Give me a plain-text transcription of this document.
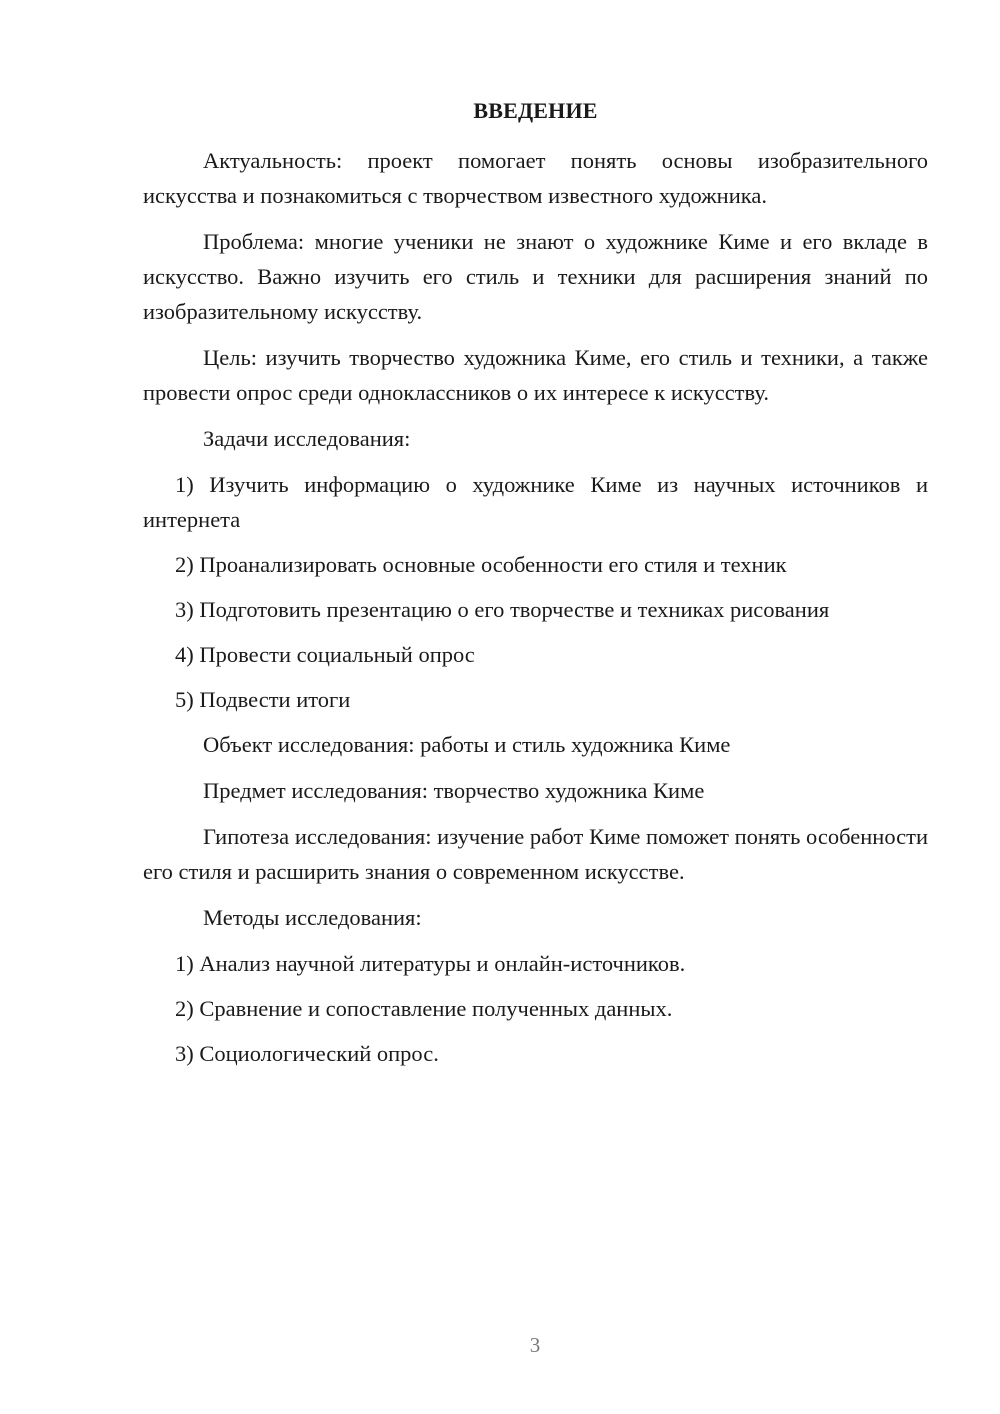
ВВЕДЕНИЕ

Актуальность: проект помогает понять основы изобразительного искусства и познакомиться с творчеством известного художника.

Проблема: многие ученики не знают о художнике Киме и его вкладе в искусство. Важно изучить его стиль и техники для расширения знаний по изобразительному искусству.

Цель: изучить творчество художника Киме, его стиль и техники, а также провести опрос среди одноклассников о их интересе к искусству.

Задачи исследования:

1) Изучить информацию о художнике Киме из научных источников и интернета

2) Проанализировать основные особенности его стиля и техник

3) Подготовить презентацию о его творчестве и техниках рисования

4) Провести социальный опрос

5) Подвести итоги

Объект исследования: работы и стиль художника Киме

Предмет исследования: творчество художника Киме

Гипотеза исследования: изучение работ Киме поможет понять особенности его стиля и расширить знания о современном искусстве.

Методы исследования:

1) Анализ научной литературы и онлайн-источников.

2) Сравнение и сопоставление полученных данных.

3) Социологический опрос.

3
